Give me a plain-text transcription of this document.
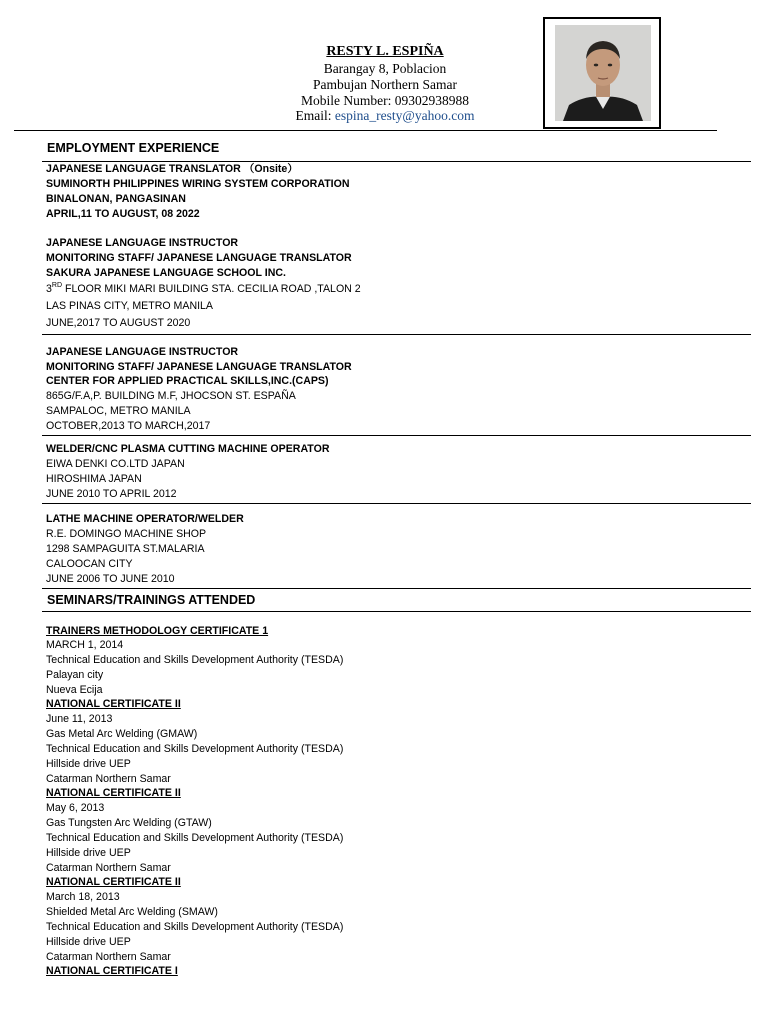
RESTY L. ESPIÑA
Barangay 8, Poblacion
Pambujan Northern Samar
Mobile Number: 09302938988
Email: espina_resty@yahoo.com
EMPLOYMENT EXPERIENCE
JAPANESE LANGUAGE TRANSLATOR （Onsite）
SUMINORTH PHILIPPINES WIRING SYSTEM CORPORATION
BINALONAN, PANGASINAN
APRIL,11 TO AUGUST, 08 2022
JAPANESE LANGUAGE INSTRUCTOR
MONITORING STAFF/ JAPANESE LANGUAGE TRANSLATOR
SAKURA JAPANESE LANGUAGE SCHOOL INC.
3RD FLOOR MIKI MARI BUILDING STA. CECILIA ROAD ,TALON 2
LAS PINAS CITY, METRO MANILA
JUNE,2017 TO AUGUST 2020
JAPANESE LANGUAGE INSTRUCTOR
MONITORING STAFF/ JAPANESE LANGUAGE TRANSLATOR
CENTER FOR APPLIED PRACTICAL SKILLS,INC.(CAPS)
865G/F.A,P. BUILDING M.F, JHOCSON ST. ESPAÑA
SAMPALOC, METRO MANILA
OCTOBER,2013 TO MARCH,2017
WELDER/CNC PLASMA CUTTING MACHINE OPERATOR
EIWA DENKI CO.LTD JAPAN
HIROSHIMA JAPAN
JUNE 2010 TO APRIL 2012
LATHE MACHINE OPERATOR/WELDER
R.E. DOMINGO MACHINE SHOP
1298 SAMPAGUITA ST.MALARIA
CALOOCAN CITY
JUNE 2006 TO JUNE 2010
SEMINARS/TRAININGS ATTENDED
TRAINERS METHODOLOGY CERTIFICATE 1
MARCH 1, 2014
Technical Education and Skills Development Authority (TESDA)
Palayan city
Nueva Ecija
NATIONAL CERTIFICATE II
June 11, 2013
Gas Metal Arc Welding (GMAW)
Technical Education and Skills Development Authority (TESDA)
Hillside drive UEP
Catarman Northern Samar
NATIONAL CERTIFICATE II
May 6, 2013
Gas Tungsten Arc Welding (GTAW)
Technical Education and Skills Development Authority (TESDA)
Hillside drive UEP
Catarman Northern Samar
NATIONAL CERTIFICATE II
March 18, 2013
Shielded Metal Arc Welding (SMAW)
Technical Education and Skills Development Authority (TESDA)
Hillside drive UEP
Catarman Northern Samar
NATIONAL CERTIFICATE I
